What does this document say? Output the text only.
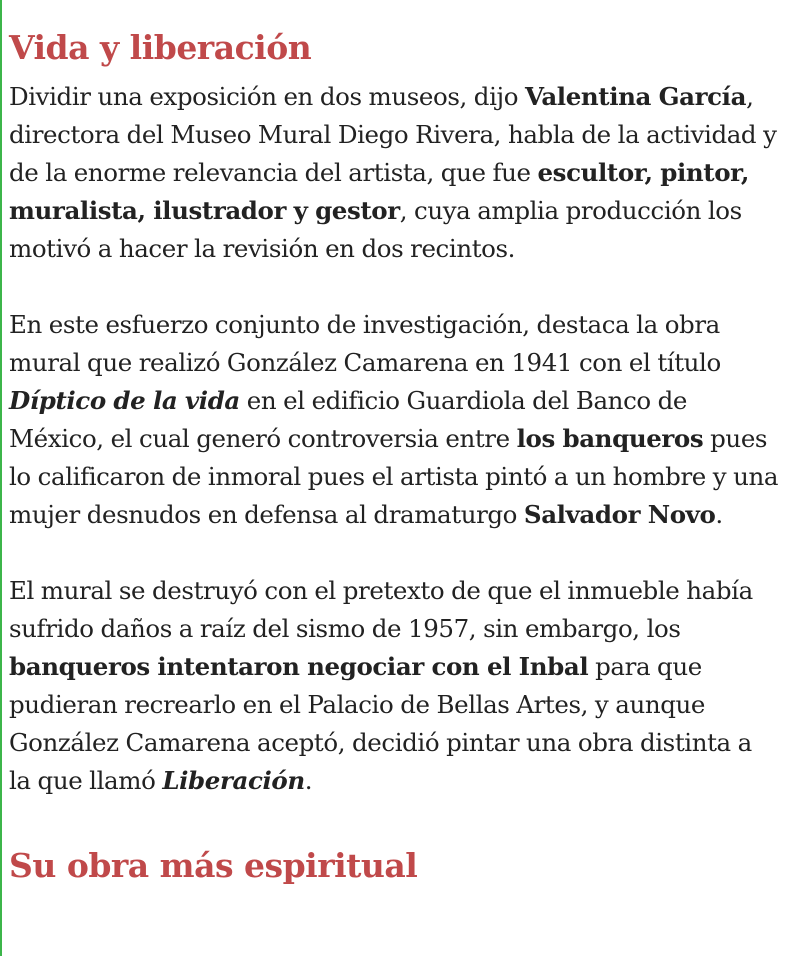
Vida y liberación

Dividir una exposición en dos museos, dijo Valentina García, directora del Museo Mural Diego Rivera, habla de la actividad y de la enorme relevancia del artista, que fue escultor, pintor, muralista, ilustrador y gestor, cuya amplia producción los motivó a hacer la revisión en dos recintos.

En este esfuerzo conjunto de investigación, destaca la obra mural que realizó González Camarena en 1941 con el título Díptico de la vida en el edificio Guardiola del Banco de México, el cual generó controversia entre los banqueros pues lo calificaron de inmoral pues el artista pintó a un hombre y una mujer desnudos en defensa al dramaturgo Salvador Novo.

El mural se destruyó con el pretexto de que el inmueble había sufrido daños a raíz del sismo de 1957, sin embargo, los banqueros intentaron negociar con el Inbal para que pudieran recrearlo en el Palacio de Bellas Artes, y aunque González Camarena aceptó, decidió pintar una obra distinta a la que llamó Liberación.

Su obra más espiritual
